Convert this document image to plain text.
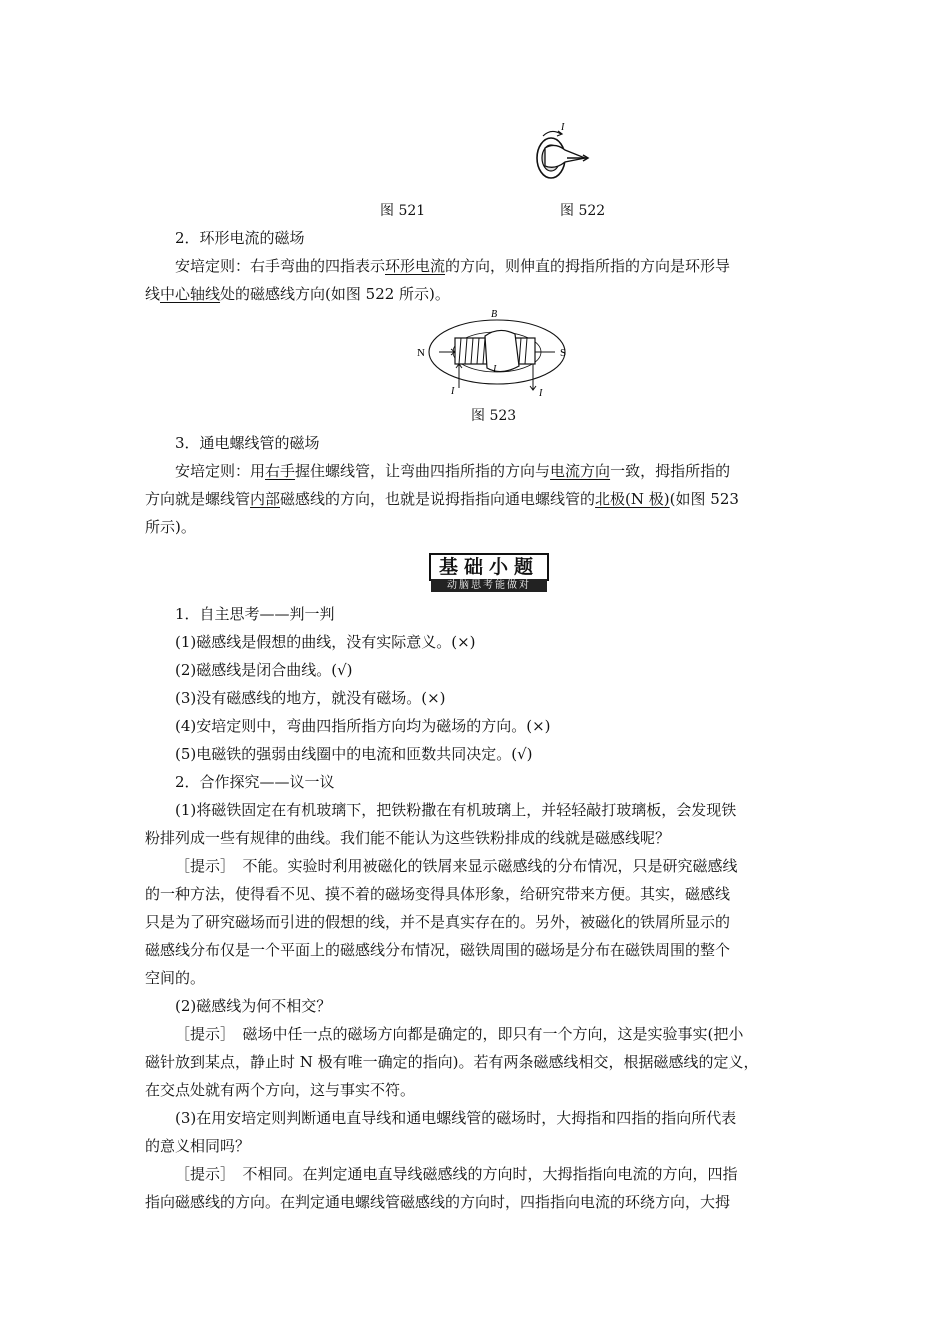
I
图 521	图 522
2．环形电流的磁场
安培定则：右手弯曲的四指表示环形电流的方向，则伸直的拇指所指的方向是环形导
线中心轴线处的磁感线方向(如图 522 所示)。
B
N	S
I
I	I
图 523
3．通电螺线管的磁场
安培定则：用右手握住螺线管，让弯曲四指所指的方向与电流方向一致，拇指所指的
方向就是螺线管内部磁感线的方向，也就是说拇指指向通电螺线管的北极(N 极)(如图 523
所示)。
基础小题
动脑思考能做对
1．自主思考——判一判
(1)磁感线是假想的曲线，没有实际意义。(×)
(2)磁感线是闭合曲线。(√)
(3)没有磁感线的地方，就没有磁场。(×)
(4)安培定则中，弯曲四指所指方向均为磁场的方向。(×)
(5)电磁铁的强弱由线圈中的电流和匝数共同决定。(√)
2．合作探究——议一议
(1)将磁铁固定在有机玻璃下，把铁粉撒在有机玻璃上，并轻轻敲打玻璃板，会发现铁
粉排列成一些有规律的曲线。我们能不能认为这些铁粉排成的线就是磁感线呢？
［提示］　不能。实验时利用被磁化的铁屑来显示磁感线的分布情况，只是研究磁感线
的一种方法，使得看不见、摸不着的磁场变得具体形象，给研究带来方便。其实，磁感线
只是为了研究磁场而引进的假想的线，并不是真实存在的。另外，被磁化的铁屑所显示的
磁感线分布仅是一个平面上的磁感线分布情况，磁铁周围的磁场是分布在磁铁周围的整个
空间的。
(2)磁感线为何不相交？
［提示］　磁场中任一点的磁场方向都是确定的，即只有一个方向，这是实验事实(把小
磁针放到某点，静止时 N 极有唯一确定的指向)。若有两条磁感线相交，根据磁感线的定义，
在交点处就有两个方向，这与事实不符。
(3)在用安培定则判断通电直导线和通电螺线管的磁场时，大拇指和四指的指向所代表
的意义相同吗？
［提示］　不相同。在判定通电直导线磁感线的方向时，大拇指指向电流的方向，四指
指向磁感线的方向。在判定通电螺线管磁感线的方向时，四指指向电流的环绕方向，大拇
